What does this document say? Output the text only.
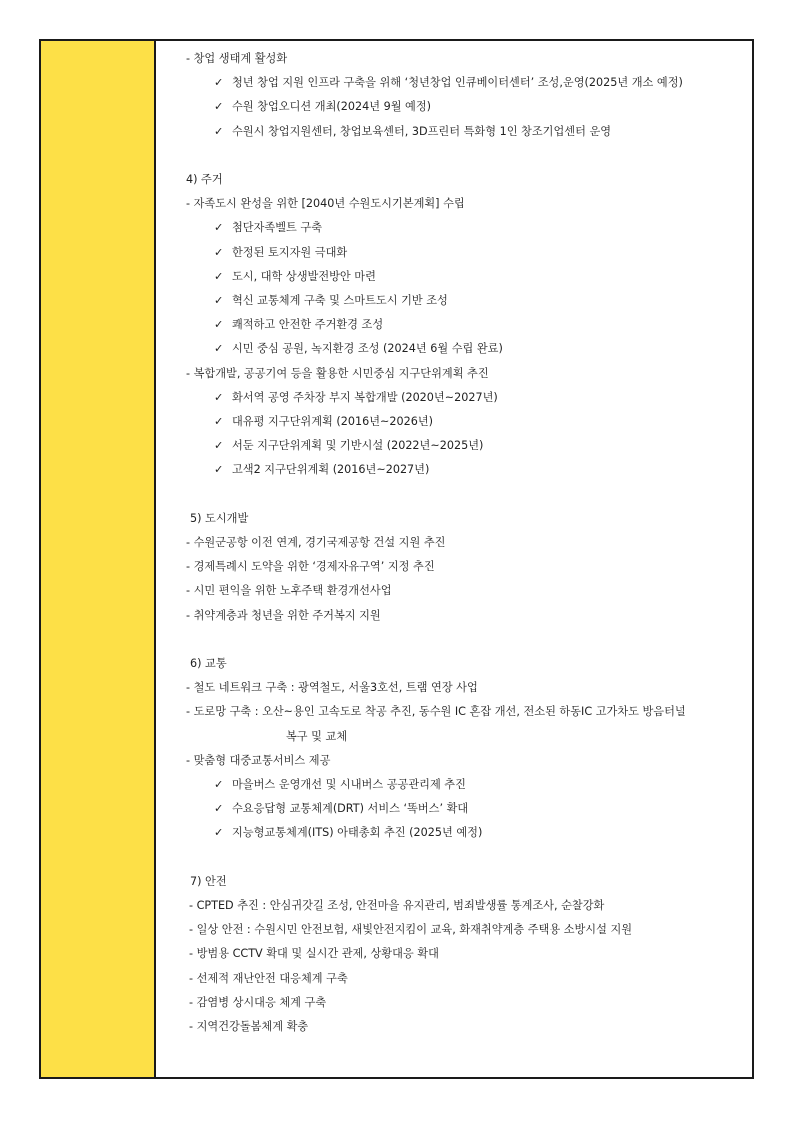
- 창업 생태계 활성화
✓ 청년 창업 지원 인프라 구축을 위해 ‘청년창업 인큐베이터센터’ 조성,운영(2025년 개소 예정)
✓ 수원 창업오디션 개최(2024년 9월 예정)
✓ 수원시 창업지원센터, 창업보육센터, 3D프린터 특화형 1인 창조기업센터 운영
4) 주거
- 자족도시 완성을 위한 [2040년 수원도시기본계획] 수립
✓ 첨단자족벨트 구축
✓ 한정된 토지자원 극대화
✓ 도시, 대학 상생발전방안 마련
✓ 혁신 교통체계 구축 및 스마트도시 기반 조성
✓ 쾌적하고 안전한 주거환경 조성
✓ 시민 중심 공원, 녹지환경 조성 (2024년 6월 수립 완료)
- 복합개발, 공공기여 등을 활용한 시민중심 지구단위계획 추진
✓ 화서역 공영 주차장 부지 복합개발 (2020년~2027년)
✓ 대유평 지구단위계획 (2016년~2026년)
✓ 서둔 지구단위계획 및 기반시설 (2022년~2025년)
✓ 고색2 지구단위계획 (2016년~2027년)
5) 도시개발
- 수원군공항 이전 연계, 경기국제공항 건설 지원 추진
- 경제특례시 도약을 위한 ‘경제자유구역’ 지정 추진
- 시민 편익을 위한 노후주택 환경개선사업
- 취약계층과 청년을 위한 주거복지 지원
6) 교통
- 철도 네트워크 구축 : 광역철도, 서울3호선, 트램 연장 사업
- 도로망 구축 : 오산~용인 고속도로 착공 추진, 동수원 IC 혼잡 개선, 전소된 하동IC 고가차도 방음터널
복구 및 교체
- 맞춤형 대중교통서비스 제공
✓ 마을버스 운영개선 및 시내버스 공공관리제 추진
✓ 수요응답형 교통체계(DRT) 서비스 ‘똑버스’ 확대
✓ 지능형교통체계(ITS) 아태총회 추진 (2025년 예정)
7) 안전
- CPTED 추진 : 안심귀갓길 조성, 안전마을 유지관리, 범죄발생률 통계조사, 순찰강화
- 일상 안전 : 수원시민 안전보험, 새빛안전지킴이 교육, 화재취약계층 주택용 소방시설 지원
- 방범용 CCTV 확대 및 실시간 관제, 상황대응 확대
- 선제적 재난안전 대응체계 구축
- 감염병 상시대응 체계 구축
- 지역건강돌봄체계 확충
